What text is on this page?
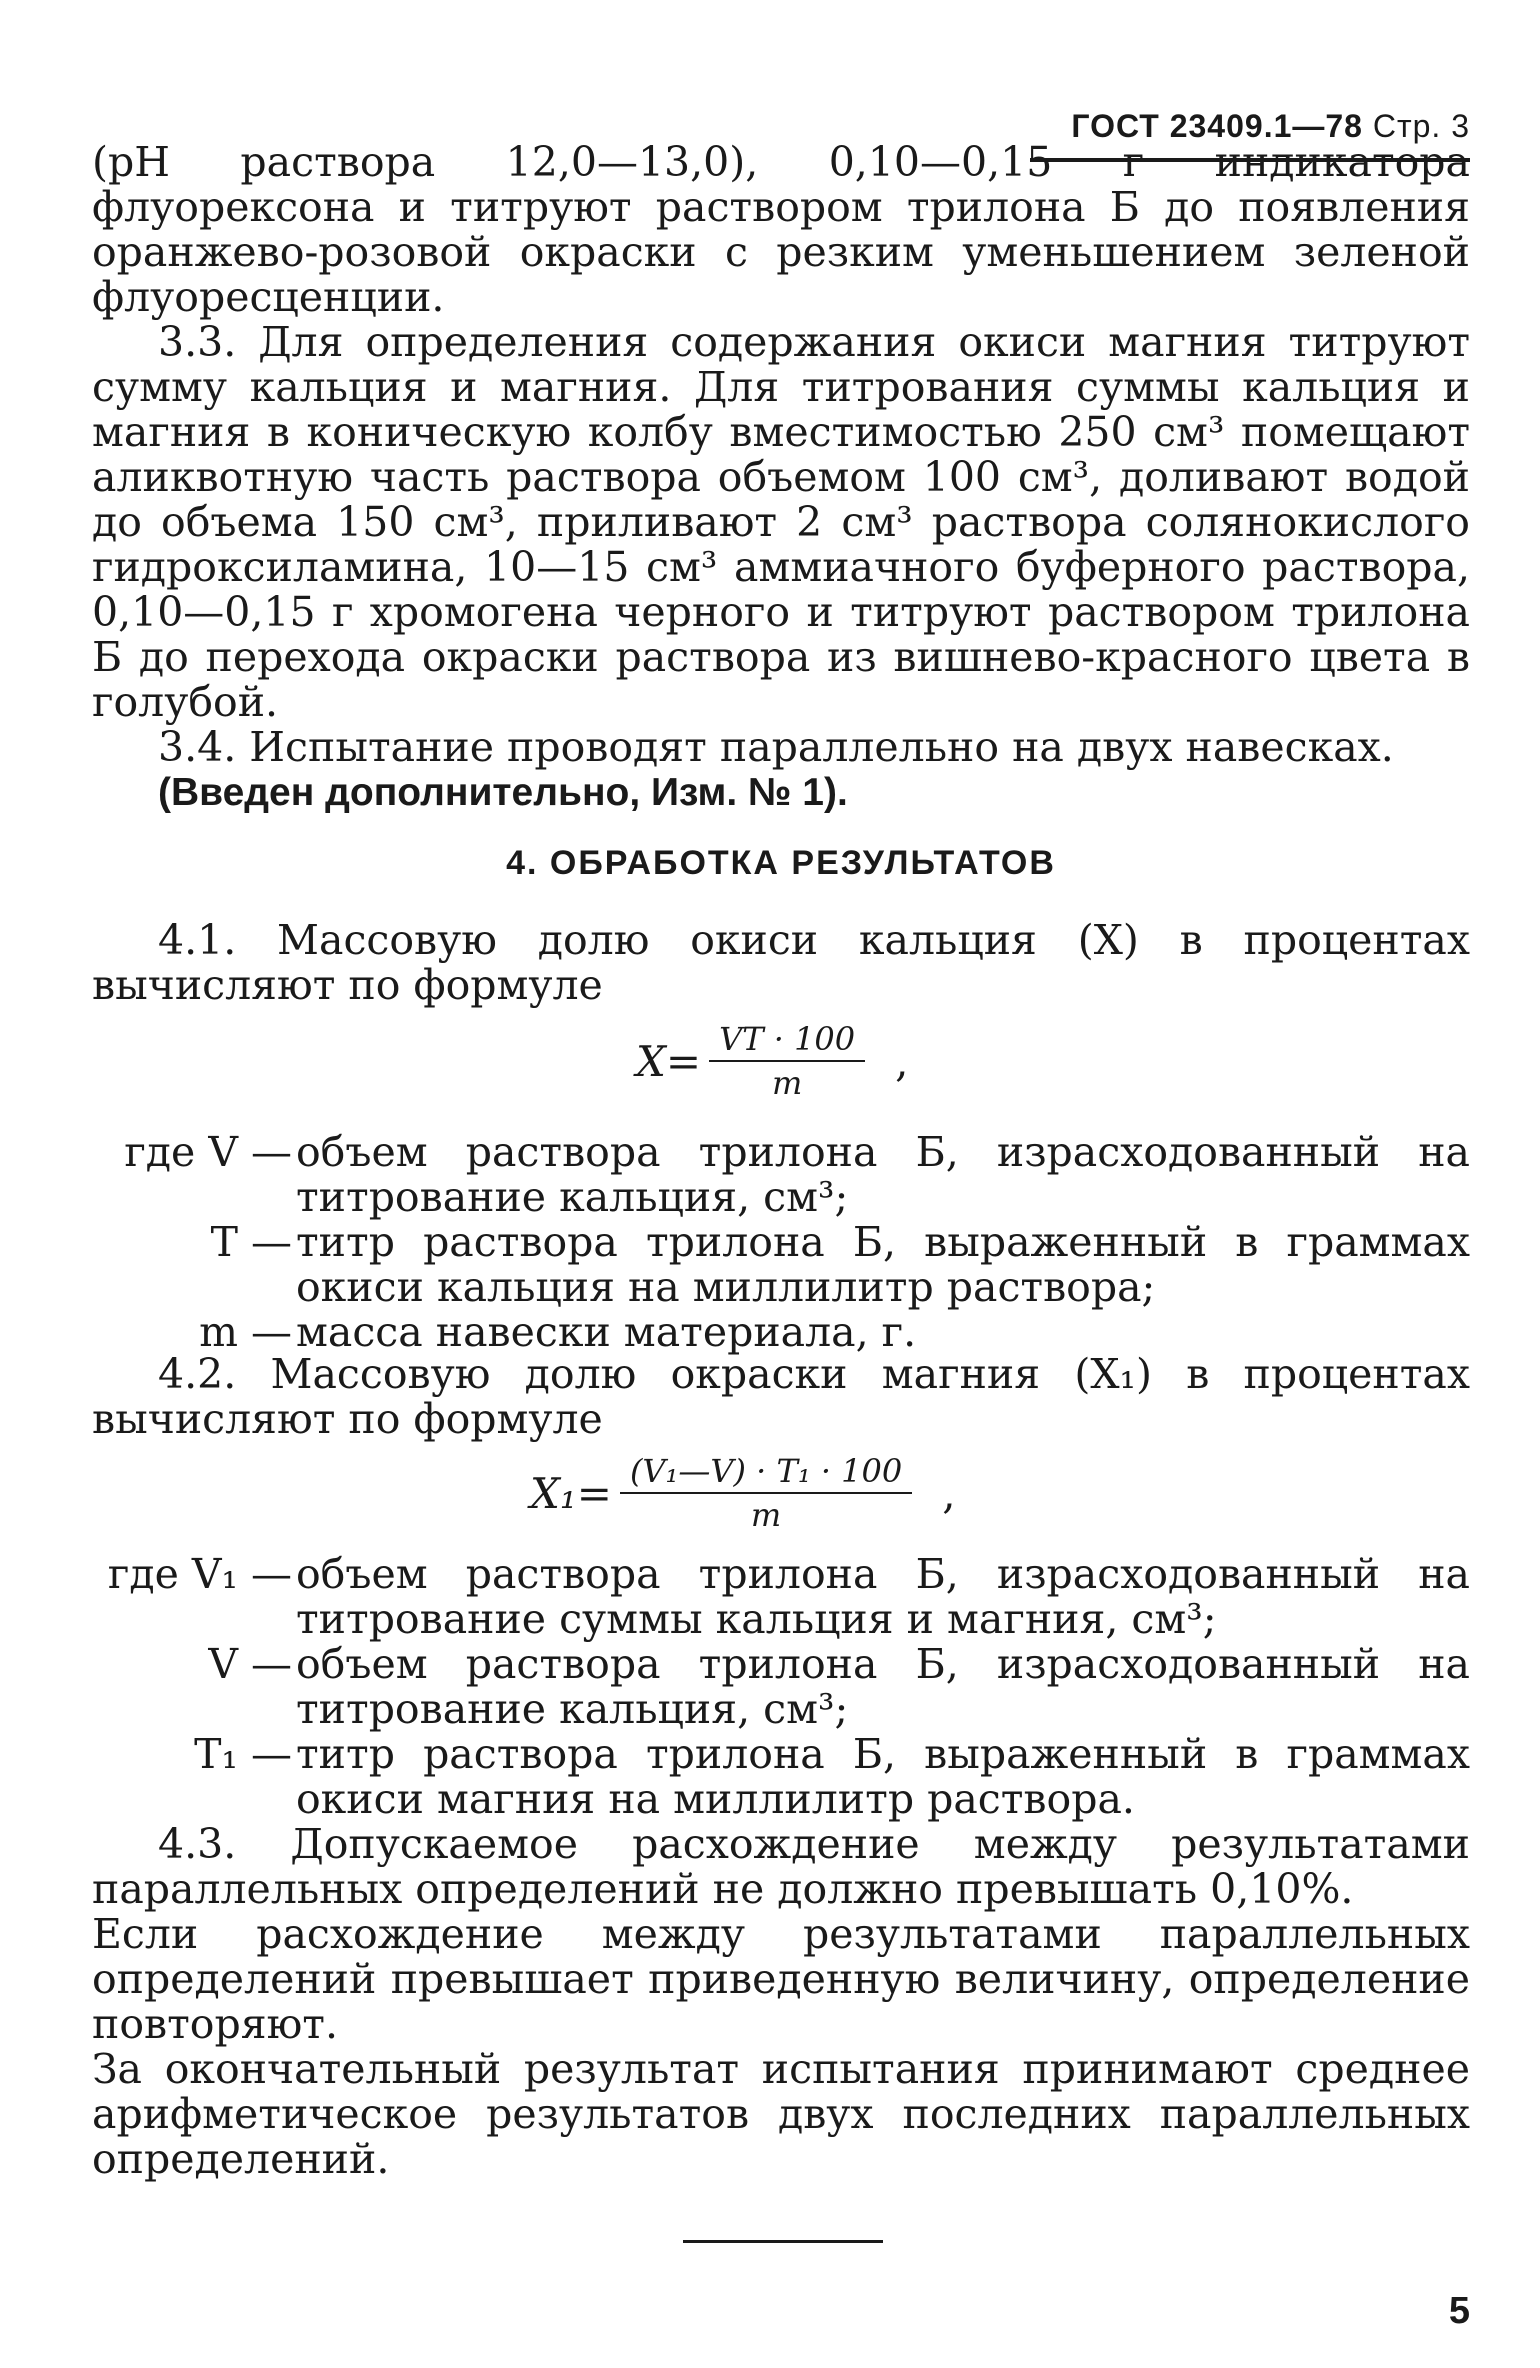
ГОСТ 23409.1—78 Стр. 3

(рН раствора 12,0—13,0), 0,10—0,15 г индикатора флуорексона и титруют раствором трилона Б до появления оранжево-розовой окраски с резким уменьшением зеленой флуоресценции.

3.3. Для определения содержания окиси магния титруют сумму кальция и магния. Для титрования суммы кальция и магния в коническую колбу вместимостью 250 см³ помещают аликвотную часть раствора объемом 100 см³, доливают водой до объема 150 см³, приливают 2 см³ раствора солянокислого гидроксиламина, 10—15 см³ аммиачного буферного раствора, 0,10—0,15 г хромогена черного и титруют раствором трилона Б до перехода окраски раствора из вишнево-красного цвета в голубой.

3.4. Испытание проводят параллельно на двух навесках.

(Введен дополнительно, Изм. № 1).

4. ОБРАБОТКА РЕЗУЛЬТАТОВ

4.1. Массовую долю окиси кальция (X) в процентах вычисляют по формуле

$X= \frac{VT \cdot 100}{m}$ ,
где V — объем раствора трилона Б, израсходованный на титрование кальция, см³;
T — титр раствора трилона Б, выраженный в граммах окиси кальция на миллилитр раствора;
m — масса навески материала, г.

4.2. Массовую долю окраски магния (X₁) в процентах вычисляют по формуле

$X_1= \frac{\text{(V₁—V) · T₁ · 100}}{m}$ ,
где V₁ — объем раствора трилона Б, израсходованный на титрование суммы кальция и магния, см³;
V — объем раствора трилона Б, израсходованный на титрование кальция, см³;
T₁ — титр раствора трилона Б, выраженный в граммах окиси магния на миллилитр раствора.

4.3. Допускаемое расхождение между результатами параллельных определений не должно превышать 0,10%.

Если расхождение между результатами параллельных определений превышает приведенную величину, определение повторяют.

За окончательный результат испытания принимают среднее арифметическое результатов двух последних параллельных определений.

5
